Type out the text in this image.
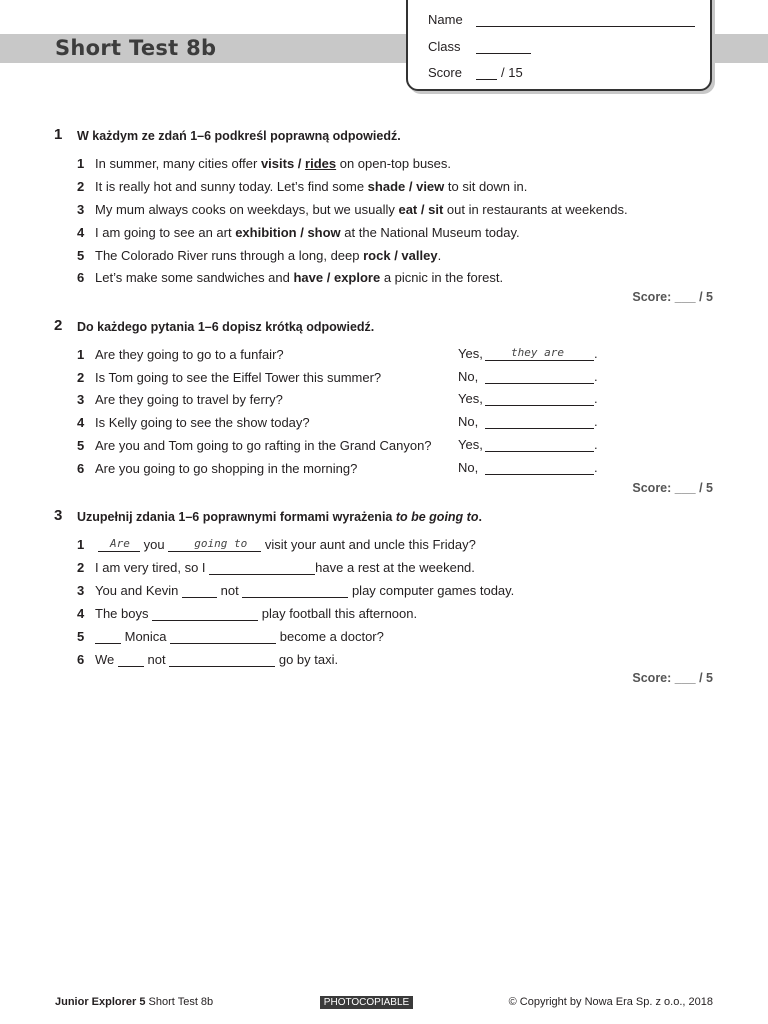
Short Test 8b
Name
Class
Score	/ 15
1 W każdym ze zdań 1–6 podkreśl poprawną odpowiedź.
1 In summer, many cities offer visits / rides on open-top buses.
2 It is really hot and sunny today. Let’s find some shade / view to sit down in.
3 My mum always cooks on weekdays, but we usually eat / sit out in restaurants at weekends.
4 I am going to see an art exhibition / show at the National Museum today.
5 The Colorado River runs through a long, deep rock / valley.
6 Let’s make some sandwiches and have / explore a picnic in the forest.
Score: ___ / 5
2 Do każdego pytania 1–6 dopisz krótką odpowiedź.
1 Are they going to go to a funfair?	Yes,	they are .
2 Is Tom going to see the Eiffel Tower this summer?	No,	.
3 Are they going to travel by ferry?	Yes,	.
4 Is Kelly going to see the show today?	No,	.
5 Are you and Tom going to go rafting in the Grand Canyon? Yes,	.
6 Are you going to go shopping in the morning?	No,	.
Score: ___ / 5
3 Uzupełnij zdania 1–6 poprawnymi formami wyrażenia to be going to.
1 Are you	going to visit your aunt and uncle this Friday?
2 I am very tired, so I	have a rest at the weekend.
3 You and Kevin	not	play computer games today.
4 The boys	play football this afternoon.
5	Monica	become a doctor?
6 We	not	go by taxi.
Score: ___ / 5
Junior Explorer 5 Short Test 8b	PHOTOCOPIABLE	© Copyright by Nowa Era Sp. z o.o., 2018
